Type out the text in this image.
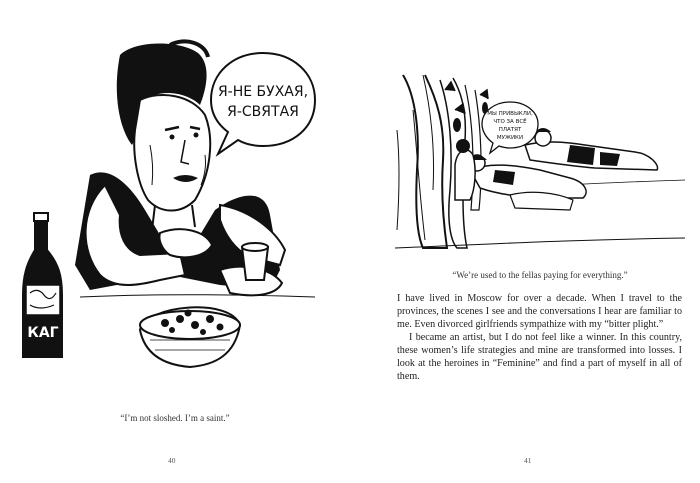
КАГ
Я-НЕ БУХАЯ,
Я-СВЯТАЯ
“I’m not sloshed. I’m a saint.”
40
МЫ ПРИВЫКЛИ,
ЧТО ЗА ВСЁ
ПЛАТЯТ
МУЖИКИ
“We’re used to the fellas paying for everything.”

I have lived in Moscow for over a decade. When I travel to the provinces, the scenes I see and the conversations I hear are familiar to me. Even divorced girlfriends sympathize with my “bitter plight.”

I became an artist, but I do not feel like a winner. In this country, these women’s life strategies and mine are transformed into losses. I look at the heroines in “Feminine” and find a part of myself in all of them.

41
